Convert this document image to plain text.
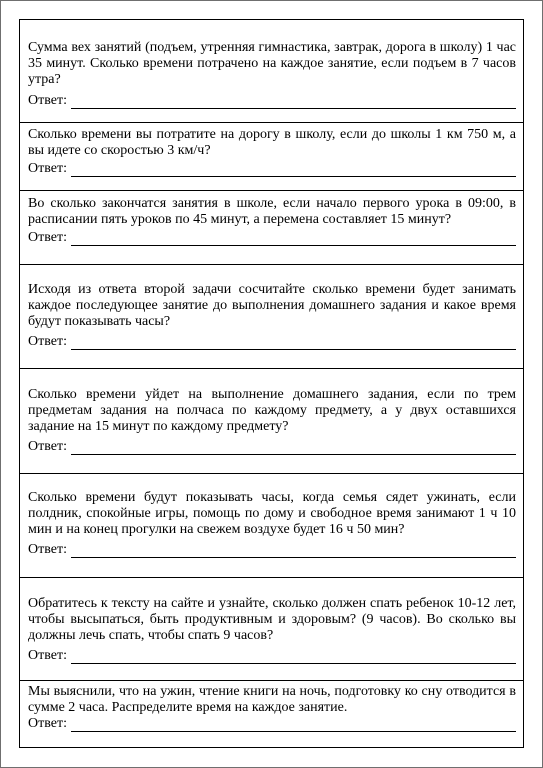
Сумма вех занятий (подъем, утренняя гимнастика, завтрак, дорога в школу) 1 час 35 минут. Сколько времени потрачено на каждое занятие, если подъем в 7 часов утра?

Ответ:

Сколько времени вы потратите на дорогу в школу, если до школы 1 км 750 м, а вы идете со скоростью 3 км/ч?

Ответ:

Во сколько закончатся занятия в школе, если начало первого урока в 09:00, в расписании пять уроков по 45 минут, а перемена составляет 15 минут?

Ответ:

Исходя из ответа второй задачи сосчитайте сколько времени будет занимать каждое последующее занятие до выполнения домашнего задания и какое время будут показывать часы?

Ответ:

Сколько времени уйдет на выполнение домашнего задания, если по трем предметам задания на полчаса по каждому предмету, а у двух оставшихся задание на 15 минут по каждому предмету?

Ответ:

Сколько времени будут показывать часы, когда семья сядет ужинать, если полдник, спокойные игры, помощь по дому и свободное время занимают 1 ч 10 мин и на конец прогулки на свежем воздухе будет 16 ч 50 мин?

Ответ:

Обратитесь к тексту на сайте и узнайте, сколько должен спать ребенок 10-12 лет, чтобы высыпаться, быть продуктивным и здоровым? (9 часов). Во сколько вы должны лечь спать, чтобы спать 9 часов?

Ответ:

Мы выяснили, что на ужин, чтение книги на ночь, подготовку ко сну отводится в сумме 2 часа. Распределите время на каждое занятие.

Ответ:
